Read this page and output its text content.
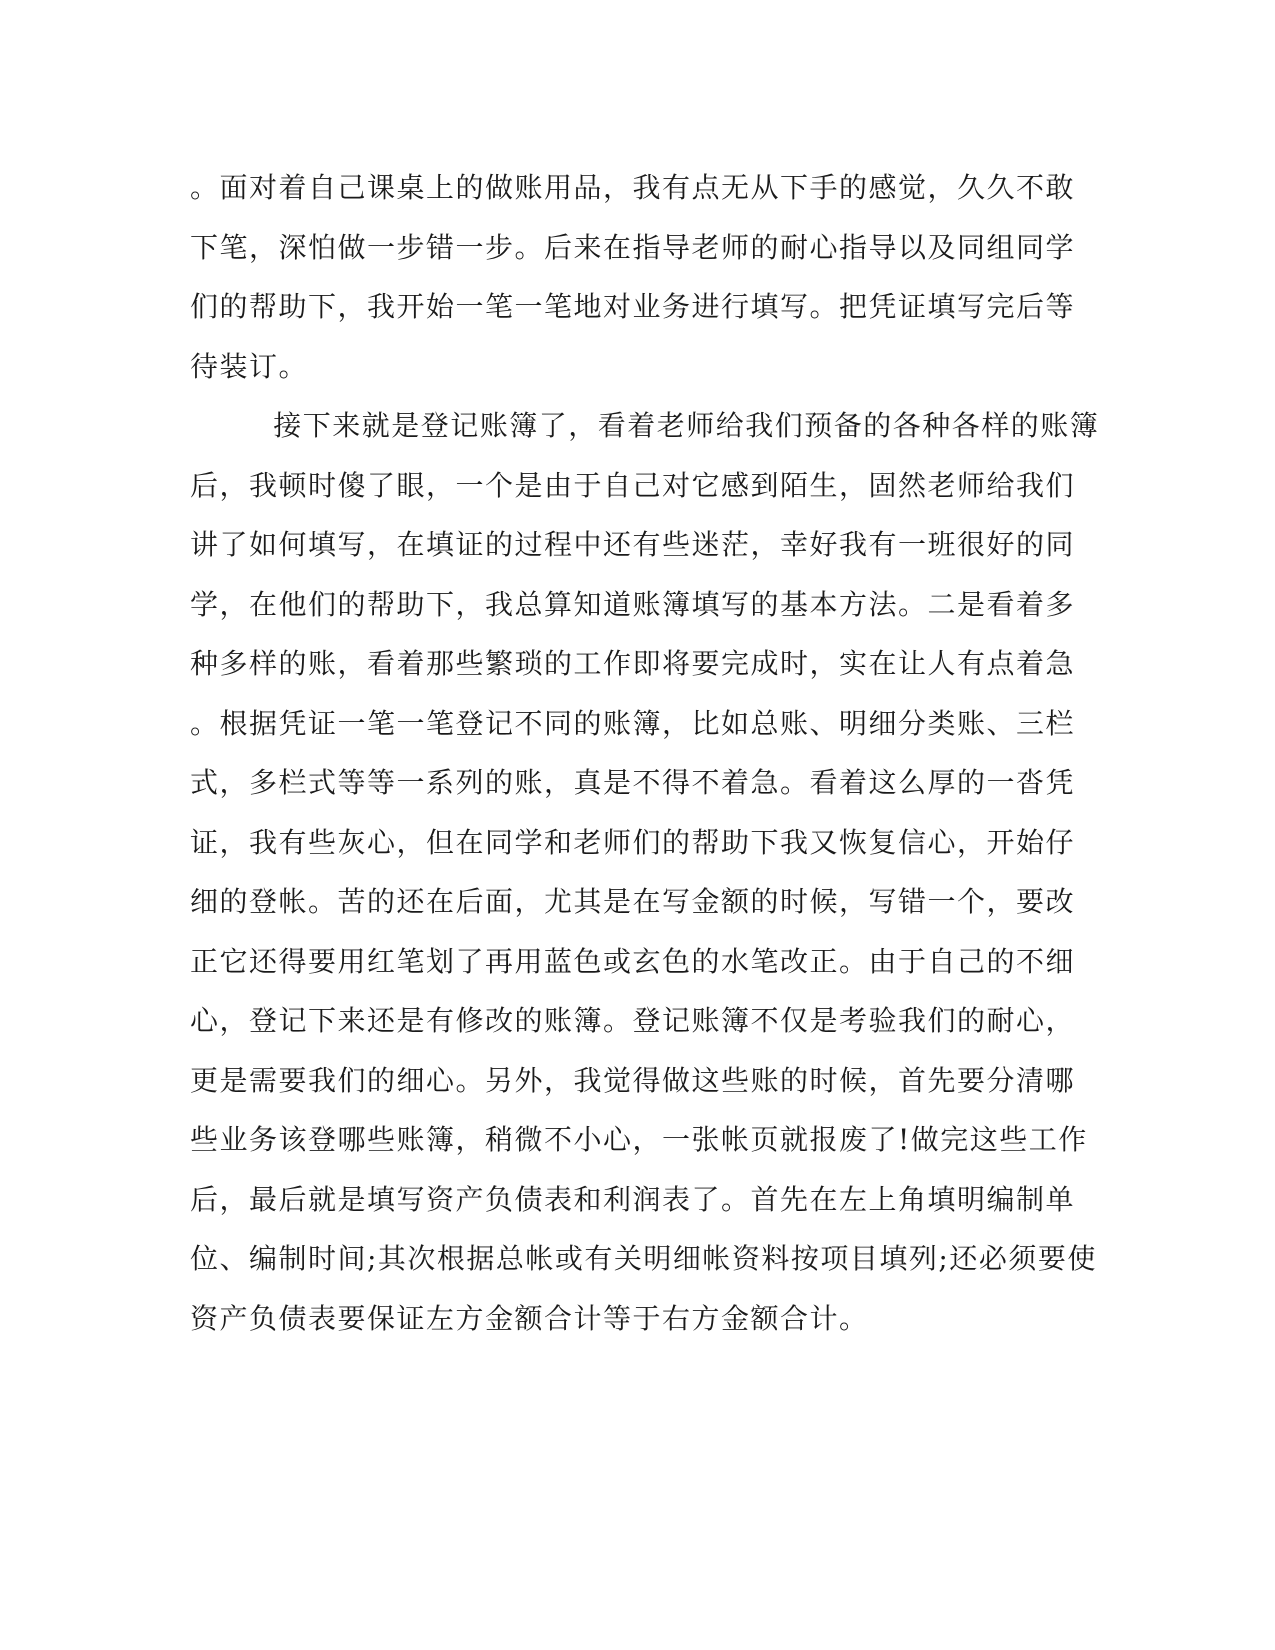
。面对着自己课桌上的做账用品，我有点无从下手的感觉，久久不敢
下笔，深怕做一步错一步。后来在指导老师的耐心指导以及同组同学
们的帮助下，我开始一笔一笔地对业务进行填写。把凭证填写完后等
待装订。
接下来就是登记账簿了，看着老师给我们预备的各种各样的账簿
后，我顿时傻了眼，一个是由于自己对它感到陌生，固然老师给我们
讲了如何填写，在填证的过程中还有些迷茫，幸好我有一班很好的同
学，在他们的帮助下，我总算知道账簿填写的基本方法。二是看着多
种多样的账，看着那些繁琐的工作即将要完成时，实在让人有点着急
。根据凭证一笔一笔登记不同的账簿，比如总账、明细分类账、三栏
式，多栏式等等一系列的账，真是不得不着急。看着这么厚的一沓凭
证，我有些灰心，但在同学和老师们的帮助下我又恢复信心，开始仔
细的登帐。苦的还在后面，尤其是在写金额的时候，写错一个，要改
正它还得要用红笔划了再用蓝色或玄色的水笔改正。由于自己的不细
心，登记下来还是有修改的账簿。登记账簿不仅是考验我们的耐心，
更是需要我们的细心。另外，我觉得做这些账的时候，首先要分清哪
些业务该登哪些账簿，稍微不小心，一张帐页就报废了!做完这些工作
后，最后就是填写资产负债表和利润表了。首先在左上角填明编制单
位、编制时间;其次根据总帐或有关明细帐资料按项目填列;还必须要使
资产负债表要保证左方金额合计等于右方金额合计。
